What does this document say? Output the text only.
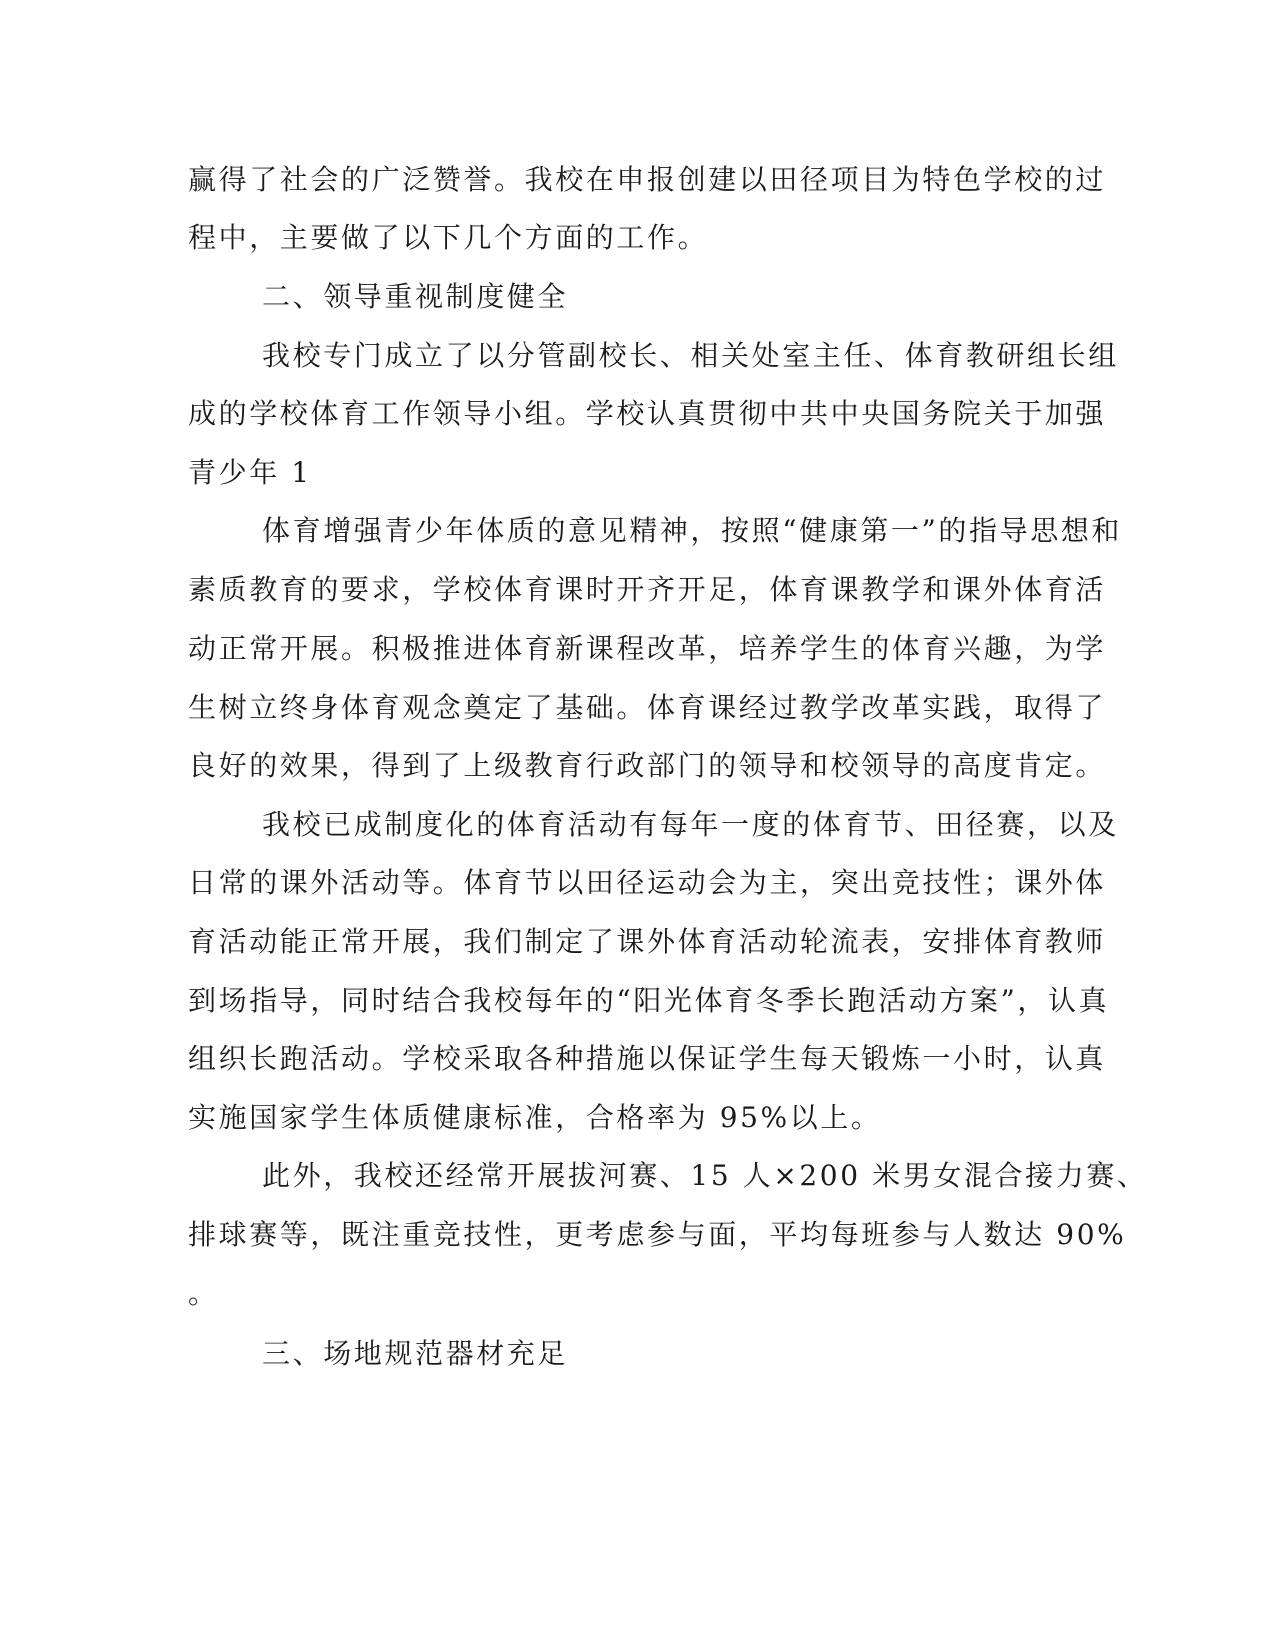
赢得了社会的广泛赞誉。我校在申报创建以田径项目为特色学校的过
程中，主要做了以下几个方面的工作。
二、领导重视制度健全
我校专门成立了以分管副校长、相关处室主任、体育教研组长组
成的学校体育工作领导小组。学校认真贯彻中共中央国务院关于加强
青少年 1
体育增强青少年体质的意见精神，按照“健康第一”的指导思想和
素质教育的要求，学校体育课时开齐开足，体育课教学和课外体育活
动正常开展。积极推进体育新课程改革，培养学生的体育兴趣，为学
生树立终身体育观念奠定了基础。体育课经过教学改革实践，取得了
良好的效果，得到了上级教育行政部门的领导和校领导的高度肯定。
我校已成制度化的体育活动有每年一度的体育节、田径赛，以及
日常的课外活动等。体育节以田径运动会为主，突出竞技性；课外体
育活动能正常开展，我们制定了课外体育活动轮流表，安排体育教师
到场指导，同时结合我校每年的“阳光体育冬季长跑活动方案”，认真
组织长跑活动。学校采取各种措施以保证学生每天锻炼一小时，认真
实施国家学生体质健康标准，合格率为 95%以上。
此外，我校还经常开展拔河赛、15 人×200 米男女混合接力赛、
排球赛等，既注重竞技性，更考虑参与面，平均每班参与人数达 90%
。
三、场地规范器材充足
